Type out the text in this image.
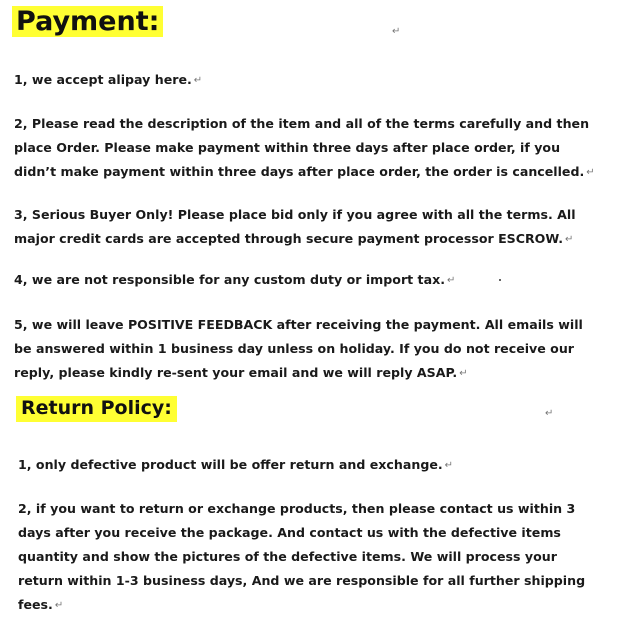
Payment:	↵

1, we accept alipay here. ↵

2, Please read the description of the item and all of the terms carefully and then
place Order. Please make payment within three days after place order, if you
didn’t make payment within three days after place order, the order is cancelled. ↵

3, Serious Buyer Only! Please place bid only if you agree with all the terms. All
major credit cards are accepted through secure payment processor ESCROW. ↵

4, we are not responsible for any custom duty or import tax. ↵

5, we will leave POSITIVE FEEDBACK after receiving the payment. All emails will
be answered within 1 business day unless on holiday. If you do not receive our
reply, please kindly re-sent your email and we will reply ASAP. ↵

Return Policy:	↵

1, only defective product will be offer return and exchange. ↵

2, if you want to return or exchange products, then please contact us within 3
days after you receive the package. And contact us with the defective items
quantity and show the pictures of the defective items. We will process your
return within 1-3 business days, And we are responsible for all further shipping
fees. ↵
